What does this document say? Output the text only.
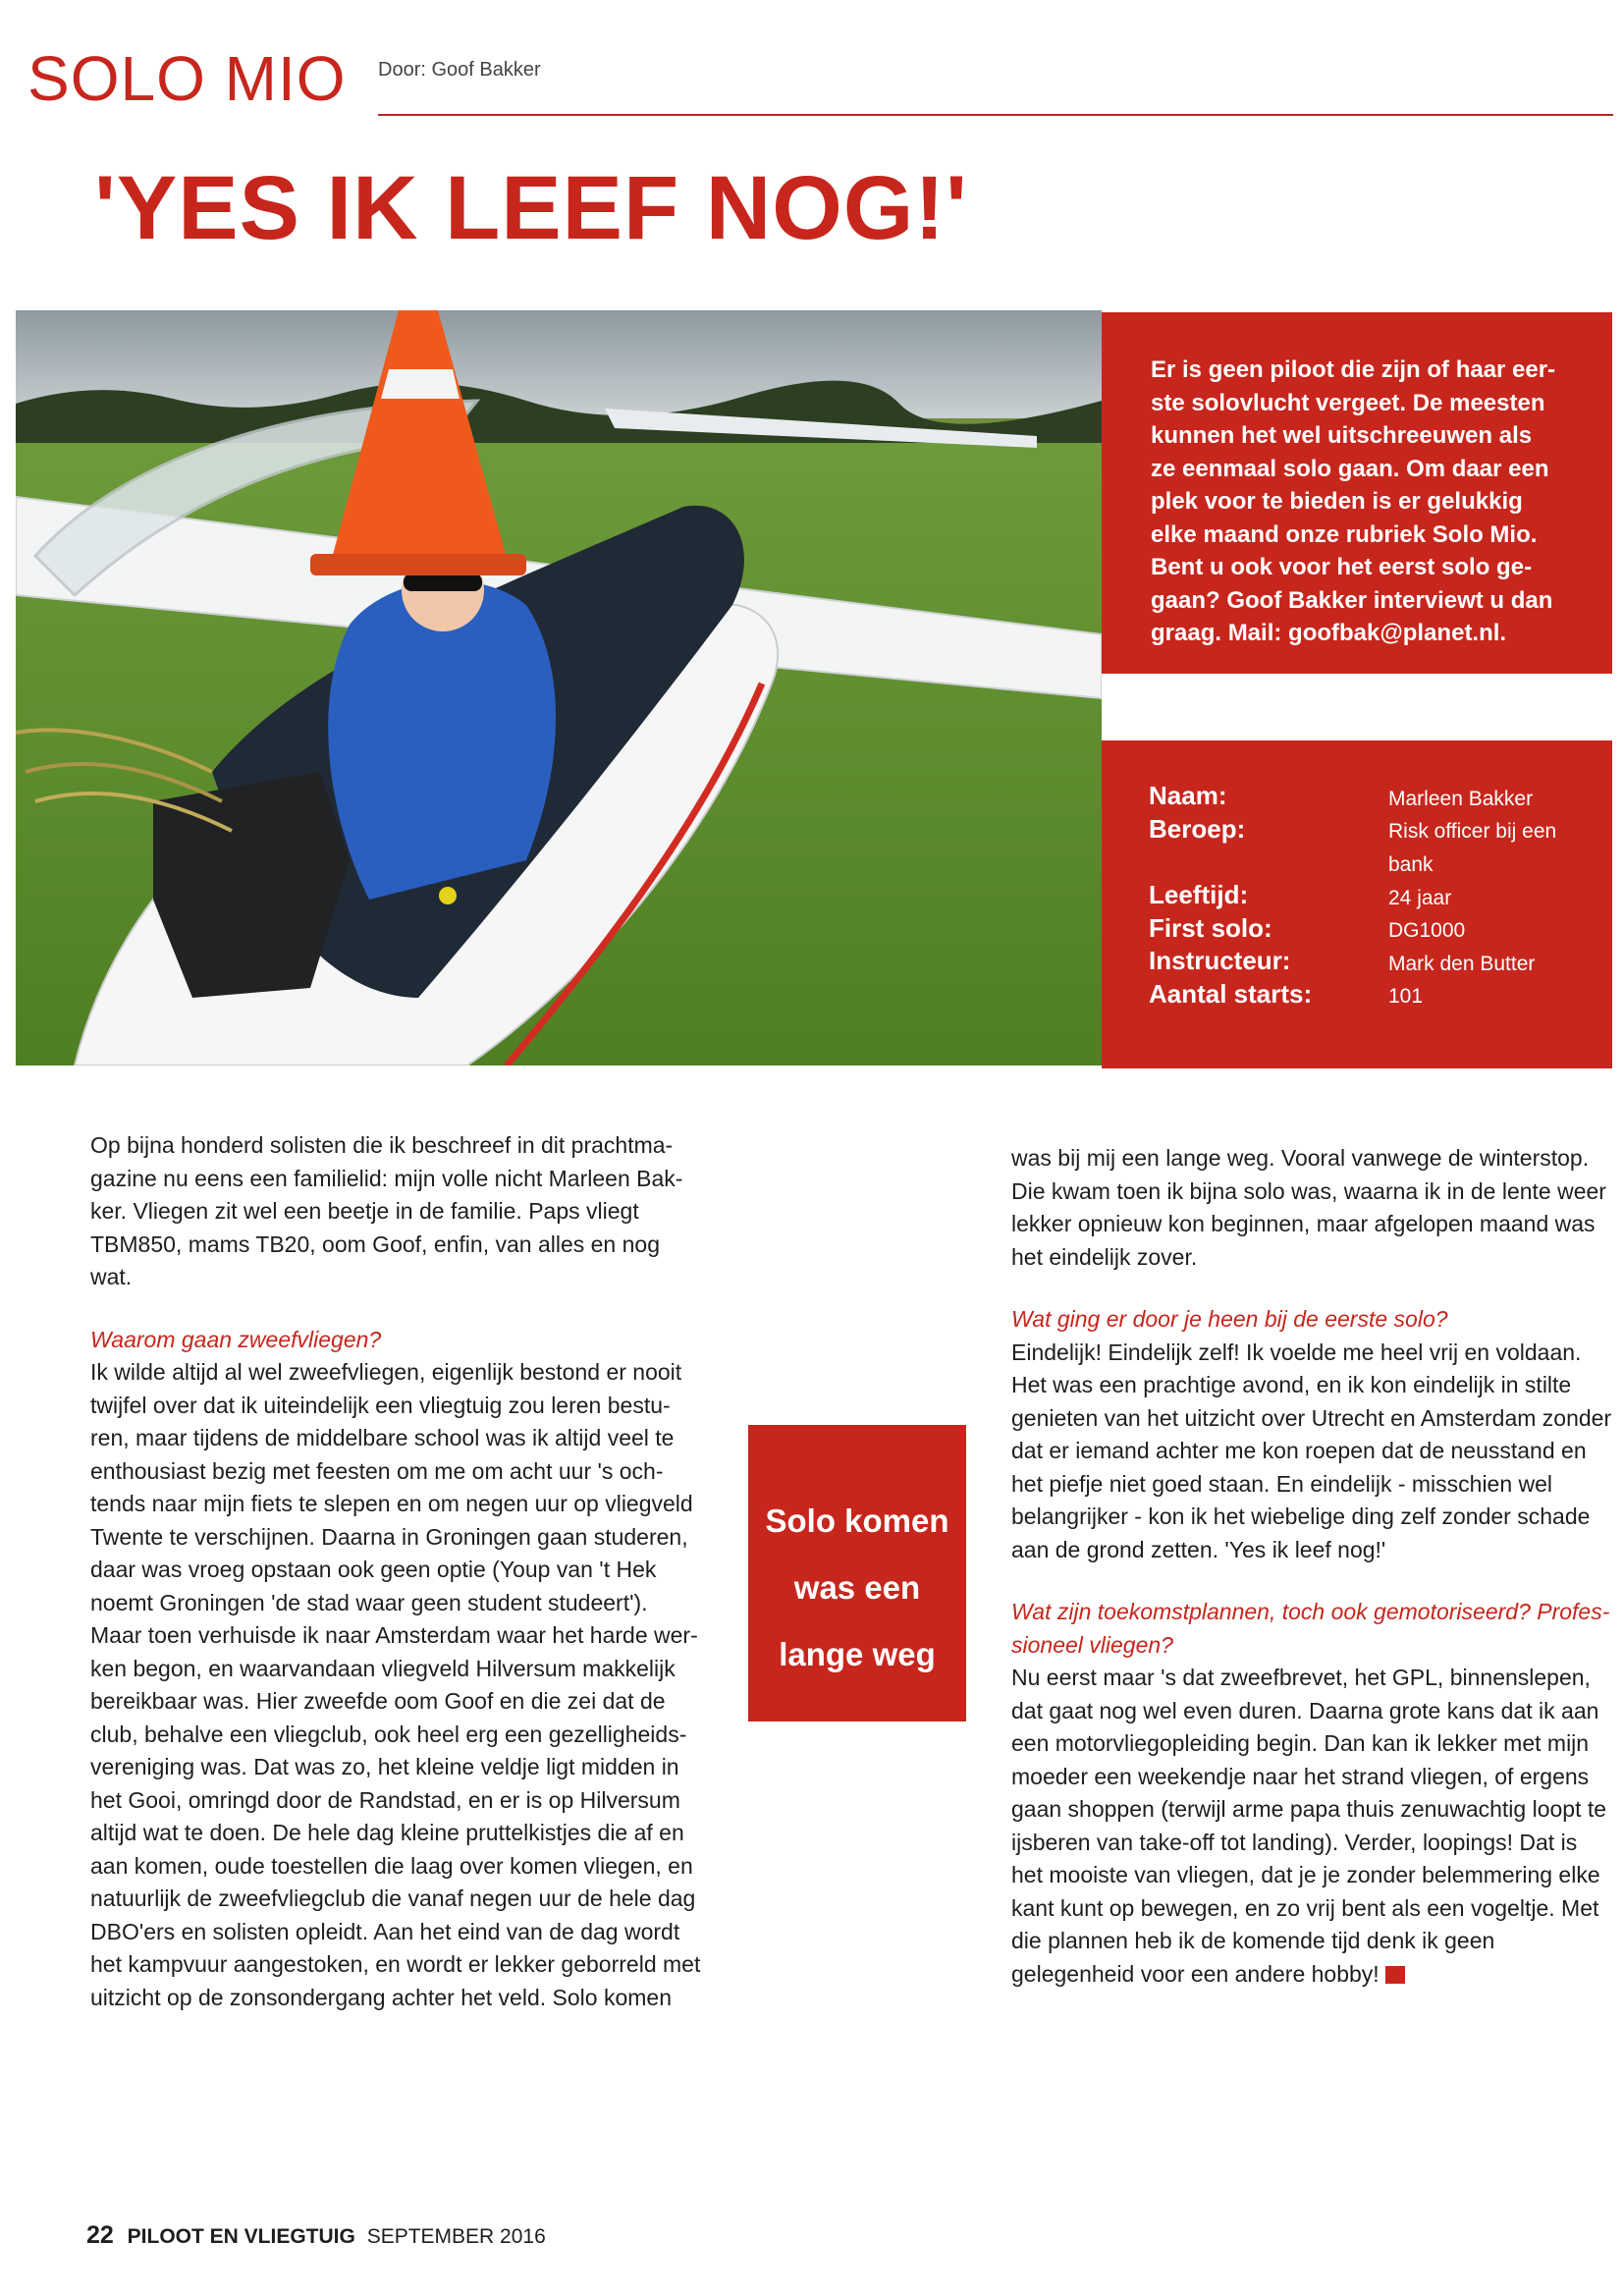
SOLO MIO Door: Goof Bakker
'YES IK LEEF NOG!'
Er is geen piloot die zijn of haar eer-
ste solovlucht vergeet. De meesten
kunnen het wel uitschreeuwen als
ze eenmaal solo gaan. Om daar een
plek voor te bieden is er gelukkig
elke maand onze rubriek Solo Mio.
Bent u ook voor het eerst solo ge-
gaan? Goof Bakker interviewt u dan
graag. Mail: goofbak@planet.nl.
Naam:	Marleen Bakker
Beroep:	Risk officer bij een bank
Leeftijd:	24 jaar
First solo:	DG1000
Instructeur:	Mark den Butter
Aantal starts:	101

Op bijna honderd solisten die ik beschreef in dit prachtma-gazine nu eens een familielid: mijn volle nicht Marleen Bak-ker. Vliegen zit wel een beetje in de familie. Paps vliegt TBM850, mams TB20, oom Goof, enfin, van alles en nog wat.

Waarom gaan zweefvliegen?

Ik wilde altijd al wel zweefvliegen, eigenlijk bestond er nooit twijfel over dat ik uiteindelijk een vliegtuig zou leren bestu-ren, maar tijdens de middelbare school was ik altijd veel te enthousiast bezig met feesten om me om acht uur 's och-tends naar mijn fiets te slepen en om negen uur op vliegveld Twente te verschijnen. Daarna in Groningen gaan studeren, daar was vroeg opstaan ook geen optie (Youp van 't Hek noemt Groningen 'de stad waar geen student studeert'). Maar toen verhuisde ik naar Amsterdam waar het harde wer-ken begon, en waarvandaan vliegveld Hilversum makkelijk bereikbaar was. Hier zweefde oom Goof en die zei dat de club, behalve een vliegclub, ook heel erg een gezelligheids-vereniging was. Dat was zo, het kleine veldje ligt midden in het Gooi, omringd door de Randstad, en er is op Hilversum altijd wat te doen. De hele dag kleine pruttelkistjes die af en aan komen, oude toestellen die laag over komen vliegen, en natuurlijk de zweefvliegclub die vanaf negen uur de hele dag DBO'ers en solisten opleidt. Aan het eind van de dag wordt het kampvuur aangestoken, en wordt er lekker geborreld met uitzicht op de zonsondergang achter het veld. Solo komen

Solo komen was een lange weg

was bij mij een lange weg. Vooral vanwege de winterstop. Die kwam toen ik bijna solo was, waarna ik in de lente weer lekker opnieuw kon beginnen, maar afgelopen maand was het eindelijk zover.

Wat ging er door je heen bij de eerste solo?

Eindelijk! Eindelijk zelf! Ik voelde me heel vrij en voldaan. Het was een prachtige avond, en ik kon eindelijk in stilte genieten van het uitzicht over Utrecht en Amsterdam zonder dat er iemand achter me kon roepen dat de neusstand en het piefje niet goed staan. En eindelijk - misschien wel belangrijker - kon ik het wiebelige ding zelf zonder schade aan de grond zetten. 'Yes ik leef nog!'

Wat zijn toekomstplannen, toch ook gemotoriseerd? Profes-sioneel vliegen?

Nu eerst maar 's dat zweefbrevet, het GPL, binnenslepen, dat gaat nog wel even duren. Daarna grote kans dat ik aan een motorvliegopleiding begin. Dan kan ik lekker met mijn moeder een weekendje naar het strand vliegen, of ergens gaan shoppen (terwijl arme papa thuis zenuwachtig loopt te ijsberen van take-off tot landing). Verder, loopings! Dat is het mooiste van vliegen, dat je je zonder belemmering elke kant kunt op bewegen, en zo vrij bent als een vogeltje. Met die plannen heb ik de komende tijd denk ik geen gelegenheid voor een andere hobby!

22 PILOOT EN VLIEGTUIG SEPTEMBER 2016
